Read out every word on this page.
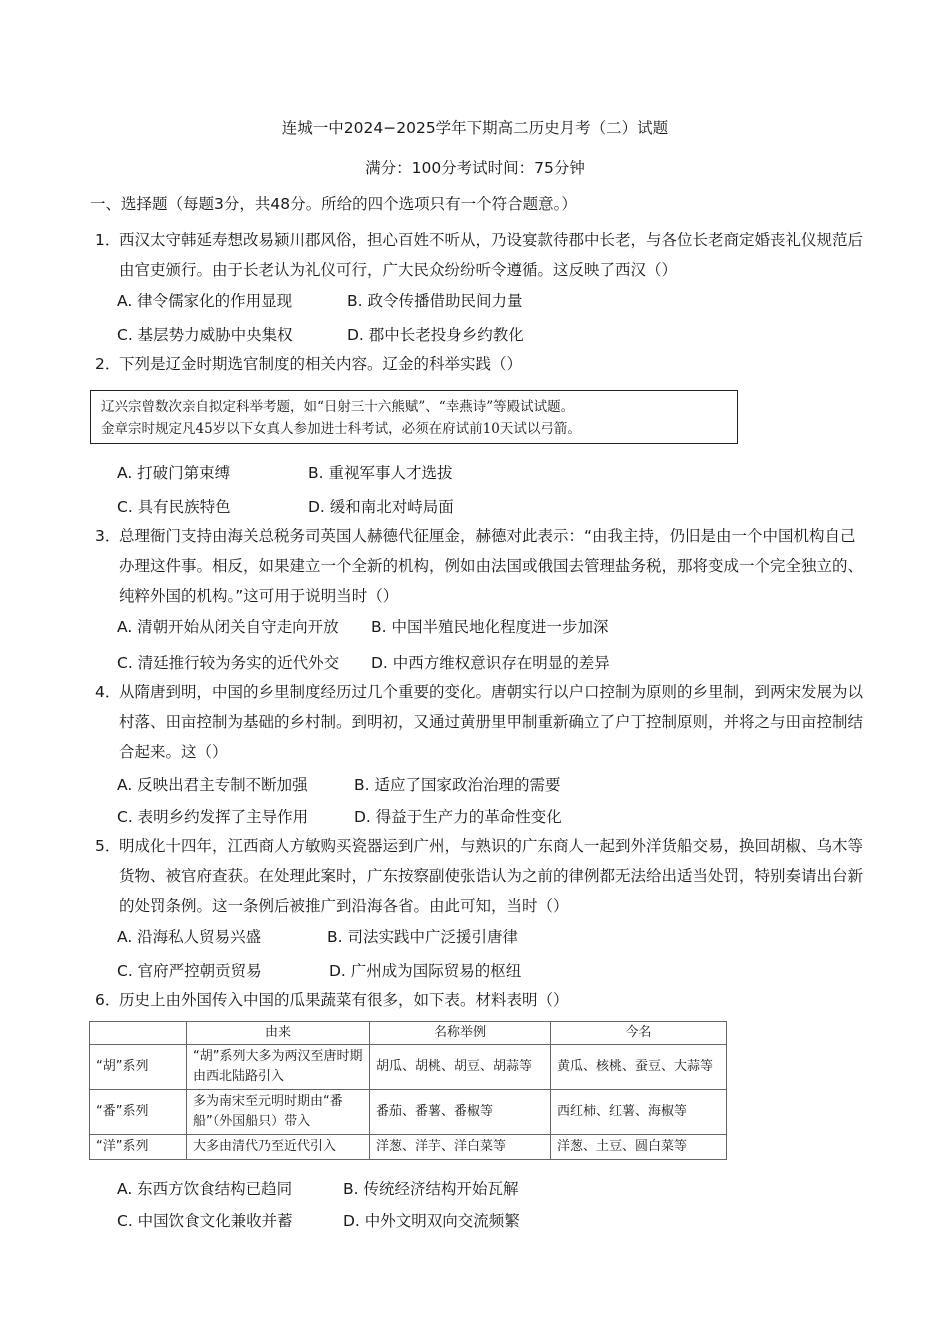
连城一中2024−2025学年下期高二历史月考（二）试题
满分：100分考试时间：75分钟
一、选择题（每题3分，共48分。所给的四个选项只有一个符合题意。）
1．
西汉太守韩延寿想改易颍川郡风俗，担心百姓不听从，乃设宴款待郡中长老，与各位长老商定婚丧礼仪规范后由官吏颁行。由于长老认为礼仪可行，广大民众纷纷听令遵循。这反映了西汉（）
A. 律令儒家化的作用显现	B. 政令传播借助民间力量
C. 基层势力威胁中央集权	D. 郡中长老投身乡约教化
2．
下列是辽金时期选官制度的相关内容。辽金的科举实践（）
辽兴宗曾数次亲自拟定科举考题，如“日射三十六熊赋”、“幸燕诗”等殿试试题。
金章宗时规定凡45岁以下女真人参加进士科考试，必须在府试前10天试以弓箭。
A. 打破门第束缚	B. 重视军事人才选拔
C. 具有民族特色	D. 缓和南北对峙局面
3．
总理衙门支持由海关总税务司英国人赫德代征厘金，赫德对此表示：“由我主持，仍旧是由一个中国机构自己办理这件事。相反，如果建立一个全新的机构，例如由法国或俄国去管理盐务税，那将变成一个完全独立的、纯粹外国的机构。”这可用于说明当时（）
A. 清朝开始从闭关自守走向开放 B. 中国半殖民地化程度进一步加深
C. 清廷推行较为务实的近代外交 D. 中西方维权意识存在明显的差异
4．
从隋唐到明，中国的乡里制度经历过几个重要的变化。唐朝实行以户口控制为原则的乡里制，到两宋发展为以村落、田亩控制为基础的乡村制。到明初，又通过黄册里甲制重新确立了户丁控制原则，并将之与田亩控制结合起来。这（）
A. 反映出君主专制不断加强	B. 适应了国家政治治理的需要
C. 表明乡约发挥了主导作用	D. 得益于生产力的革命性变化
5．
明成化十四年，江西商人方敏购买瓷器运到广州，与熟识的广东商人一起到外洋货船交易，换回胡椒、乌木等货物、被官府查获。在处理此案时，广东按察副使张诰认为之前的律例都无法给出适当处罚，特别奏请出台新的处罚条例。这一条例后被推广到沿海各省。由此可知，当时（）
A. 沿海私人贸易兴盛	B. 司法实践中广泛援引唐律
C. 官府严控朝贡贸易	D. 广州成为国际贸易的枢纽
6．
历史上由外国传入中国的瓜果蔬菜有很多，如下表。材料表明（）
	由来	名称举例	今名
“胡”系列	“胡”系列大多为两汉至唐时期由西北陆路引入	胡瓜、胡桃、胡豆、胡蒜等	黄瓜、核桃、蚕豆、大蒜等
“番”系列	多为南宋至元明时期由“番船”（外国船只）带入	番茄、番薯、番椒等	西红柿、红薯、海椒等
“洋”系列	大多由清代乃至近代引入	洋葱、洋芋、洋白菜等	洋葱、土豆、圆白菜等
A. 东西方饮食结构已趋同	B. 传统经济结构开始瓦解
C. 中国饮食文化兼收并蓄	D. 中外文明双向交流频繁
